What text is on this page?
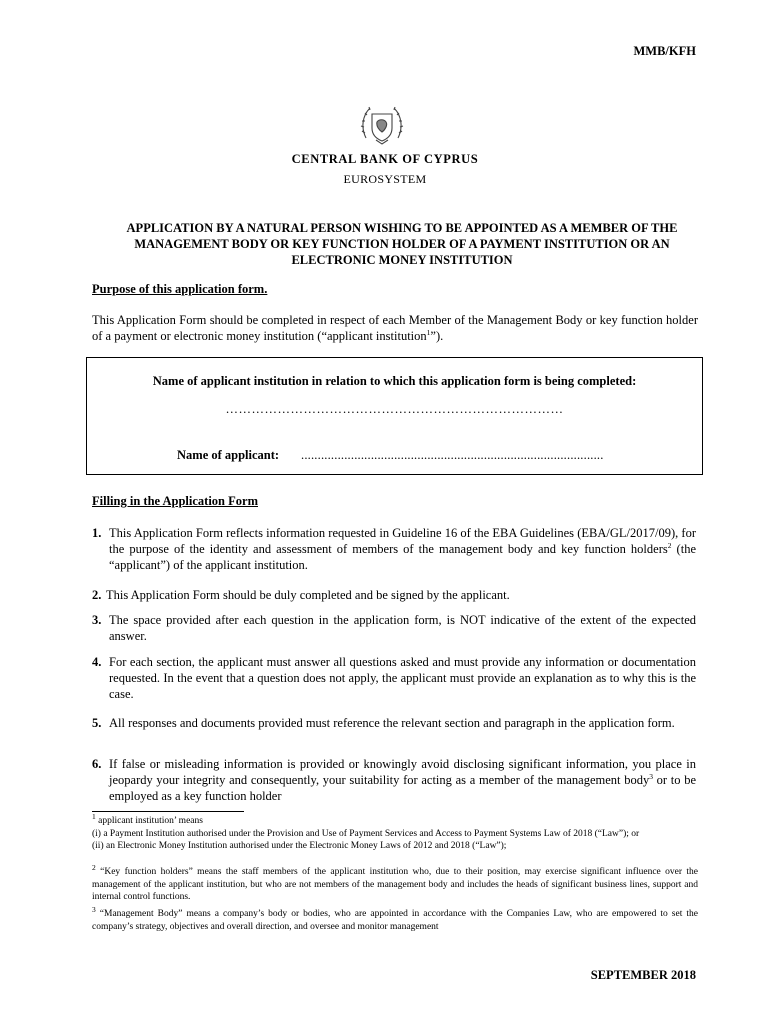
MMB/KFH
CENTRAL BANK OF CYPRUS
EUROSYSTEM
APPLICATION BY A NATURAL PERSON WISHING TO BE APPOINTED AS A MEMBER OF THE MANAGEMENT BODY OR KEY FUNCTION HOLDER OF A PAYMENT INSTITUTION OR AN ELECTRONIC MONEY INSTITUTION
Purpose of this application form.
This Application Form should be completed in respect of each Member of the Management Body or key function holder of a payment or electronic money institution (“applicant institution$^1$”).
Name of applicant institution in relation to which this application form is being completed:
……………………………………………………………………
Name of applicant: ...........................................................................................
Filling in the Application Form
1. This Application Form reflects information requested in Guideline 16 of the EBA Guidelines (EBA/GL/2017/09), for the purpose of the identity and assessment of members of the management body and key function holders$^2$ (the “applicant”) of the applicant institution.
2. This Application Form should be duly completed and be signed by the applicant.
3. The space provided after each question in the application form, is NOT indicative of the extent of the expected answer.
4. For each section, the applicant must answer all questions asked and must provide any information or documentation requested. In the event that a question does not apply, the applicant must provide an explanation as to why this is the case.
5. All responses and documents provided must reference the relevant section and paragraph in the application form.
6. If false or misleading information is provided or knowingly avoid disclosing significant information, you place in jeopardy your integrity and consequently, your suitability for acting as a member of the management body$^3$ or to be employed as a key function holder
$^1$ applicant institution’ means
(i) a Payment Institution authorised under the Provision and Use of Payment Services and Access to Payment Systems Law of 2018 (“Law”); or
(ii) an Electronic Money Institution authorised under the Electronic Money Laws of 2012 and 2018 (“Law”);
$^2$ “Key function holders” means the staff members of the applicant institution who, due to their position, may exercise significant influence over the management of the applicant institution, but who are not members of the management body and includes the heads of significant business lines, support and internal control functions.
$^3$ “Management Body” means a company’s body or bodies, who are appointed in accordance with the Companies Law, who are empowered to set the company’s strategy, objectives and overall direction, and oversee and monitor management
SEPTEMBER 2018
